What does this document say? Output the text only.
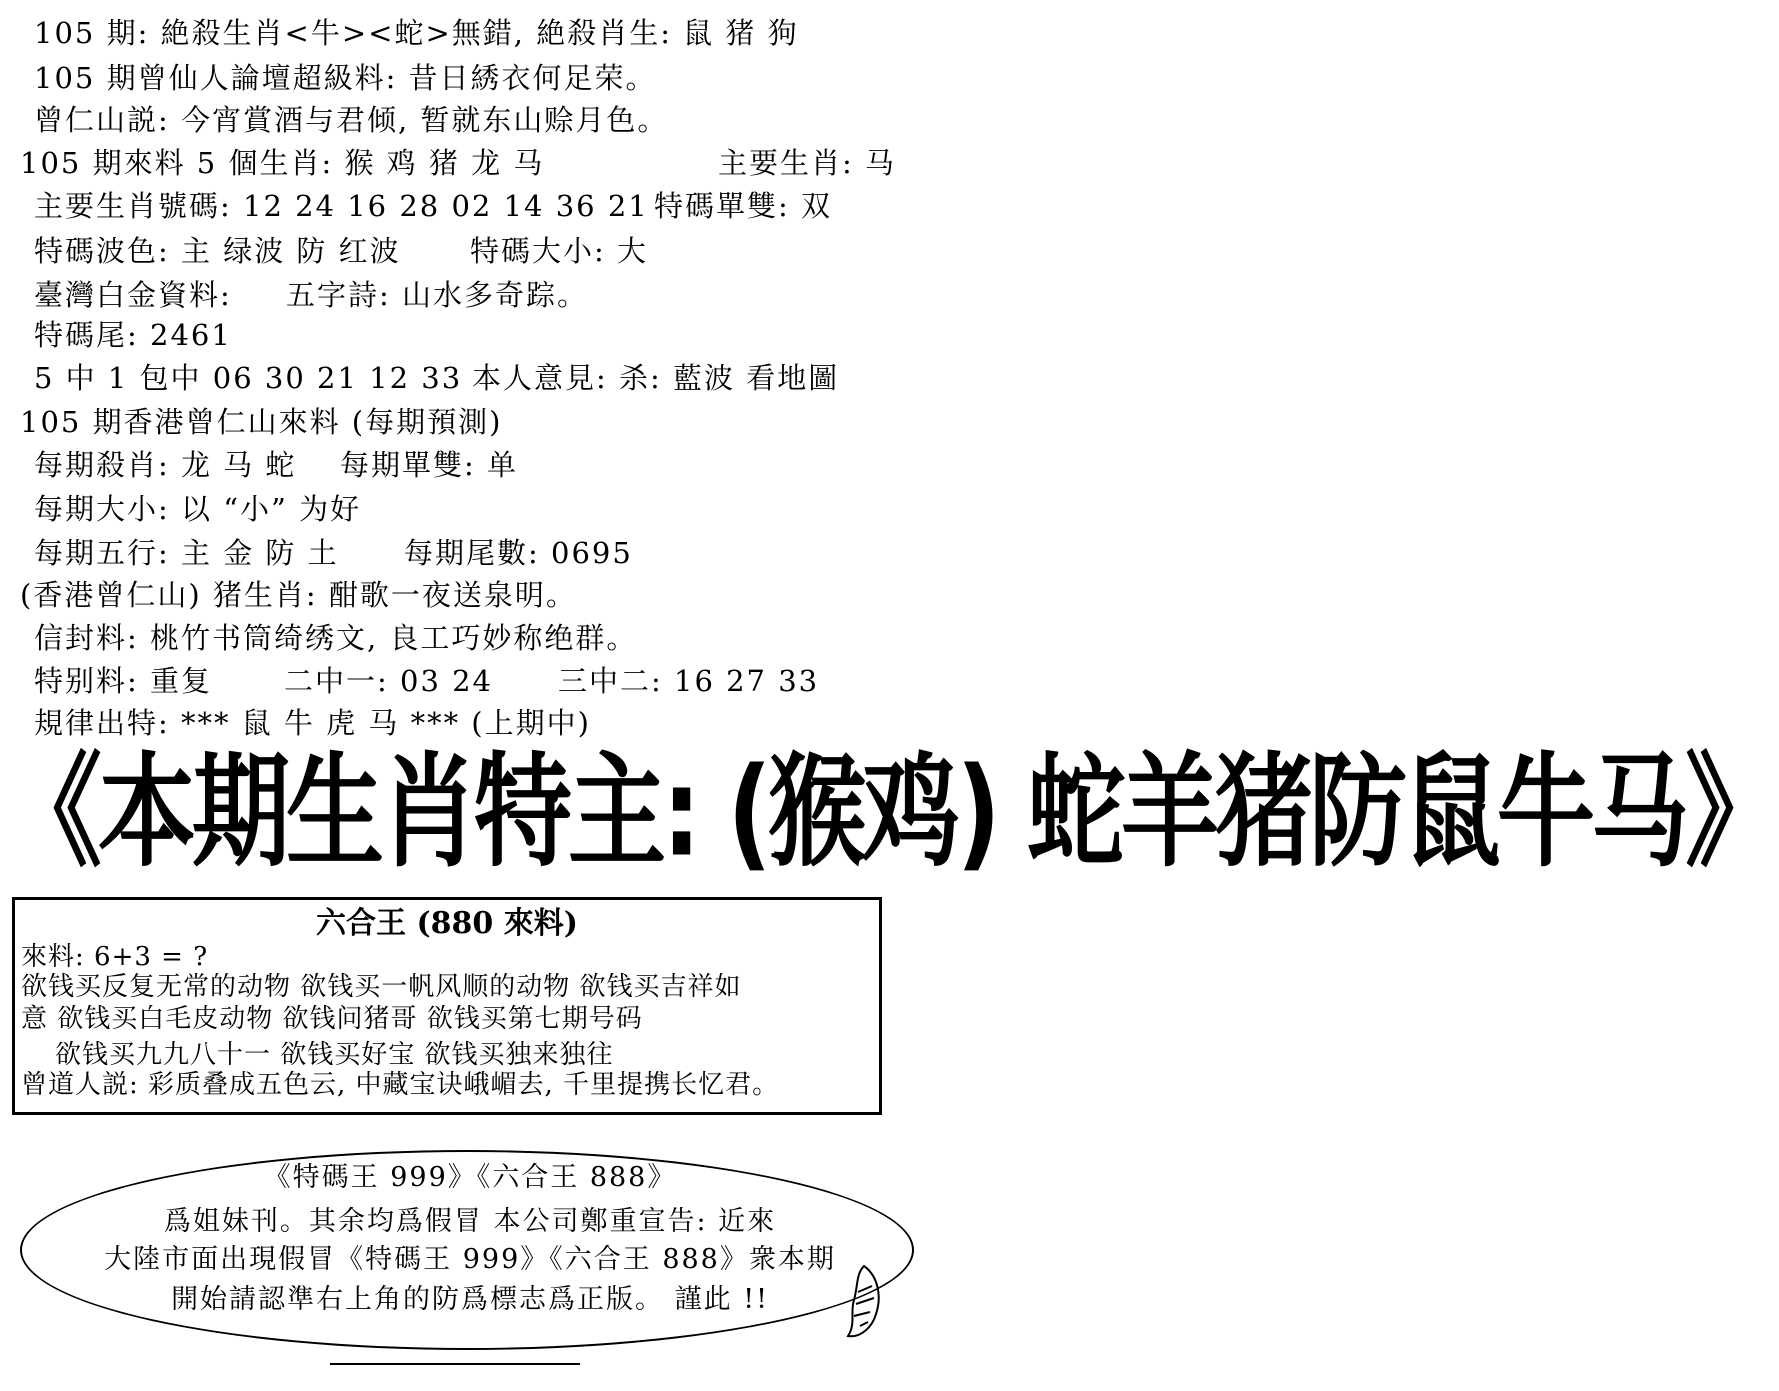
105 期: 絶殺生肖<牛><蛇>無錯, 絶殺肖生: 鼠 猪 狗
105 期曾仙人論壇超級料: 昔日綉衣何足荣。
曾仁山説: 今宵賞酒与君倾, 暂就东山赊月色。
105 期來料 5 個生肖: 猴 鸡 猪 龙 马	主要生肖: 马
主要生肖號碼: 12 24 16 28 02 14 36 21 特碼單雙: 双
特碼波色: 主 绿波 防 红波 特碼大小: 大
臺灣白金資料: 五字詩: 山水多奇踪。
特碼尾: 2461
5 中 1 包中 06 30 21 12 33 本人意見: 杀: 藍波 看地圖
105 期香港曾仁山來料 (每期預測)
每期殺肖: 龙 马 蛇 每期單雙: 单
每期大小: 以 “小” 为好
每期五行: 主 金 防 土 每期尾數: 0695
(香港曾仁山) 猪生肖: 酣歌一夜送泉明。
信封料: 桃竹书筒绮绣文, 良工巧妙称绝群。
特别料: 重复 二中一: 03 24 三中二: 16 27 33
規律出特: *** 鼠 牛 虎 马 *** (上期中)
《本期生肖特主: (猴鸡) 蛇羊猪防鼠牛马》
六合王 (880 來料)
來料: 6+3 = ?
欲钱买反复无常的动物 欲钱买一帆风顺的动物 欲钱买吉祥如
意 欲钱买白毛皮动物 欲钱问猪哥 欲钱买第七期号码
欲钱买九九八十一 欲钱买好宝 欲钱买独来独往
曾道人説: 彩质叠成五色云, 中藏宝诀峨嵋去, 千里提携长忆君。
《特碼王 999》《六合王 888》
爲姐妹刊。其余均爲假冒 本公司鄭重宣告: 近來
大陸市面出現假冒《特碼王 999》《六合王 888》衆本期
開始請認準右上角的防爲標志爲正版。 謹此 !!
